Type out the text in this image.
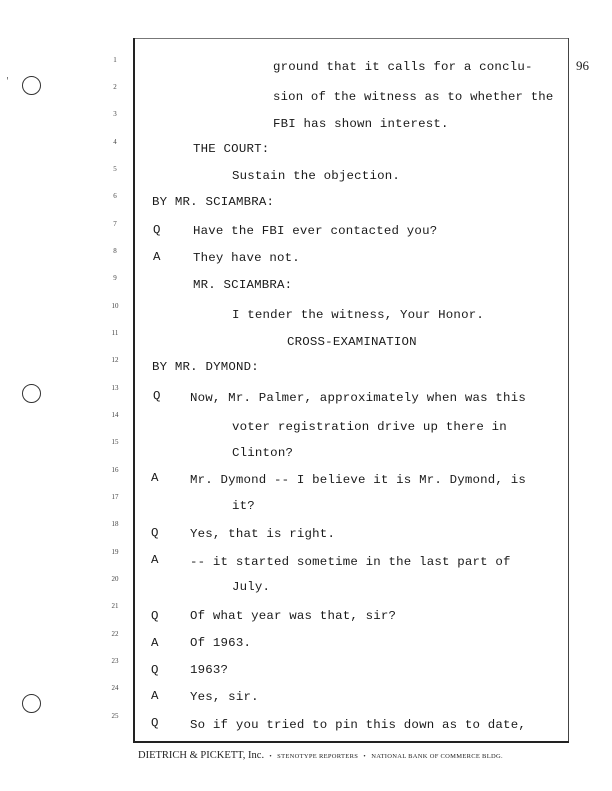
96
'
1
2
3
4
5
6
7
8
9
10
11
12
13
14
15
16
17
18
19
20
21
22
23
24
25
ground that it calls for a conclu-
sion of the witness as to whether the
FBI has shown interest.
THE COURT:
Sustain the objection.
BY MR. SCIAMBRA:
Q	Have the FBI ever contacted you?
A	They have not.
MR. SCIAMBRA:
I tender the witness, Your Honor.
CROSS-EXAMINATION
BY MR. DYMOND:
Q Now, Mr. Palmer, approximately when was this
voter registration drive up there in
Clinton?
A	Mr. Dymond -- I believe it is Mr. Dymond, is
it?
Q	Yes, that is right.
A	-- it started sometime in the last part of
July.
Q	Of what year was that, sir?
A	Of 1963.
Q	1963?
A	Yes, sir.
Q	So if you tried to pin this down as to date,
DIETRICH & PICKETT, Inc. • STENOTYPE REPORTERS • NATIONAL BANK OF COMMERCE BLDG.
